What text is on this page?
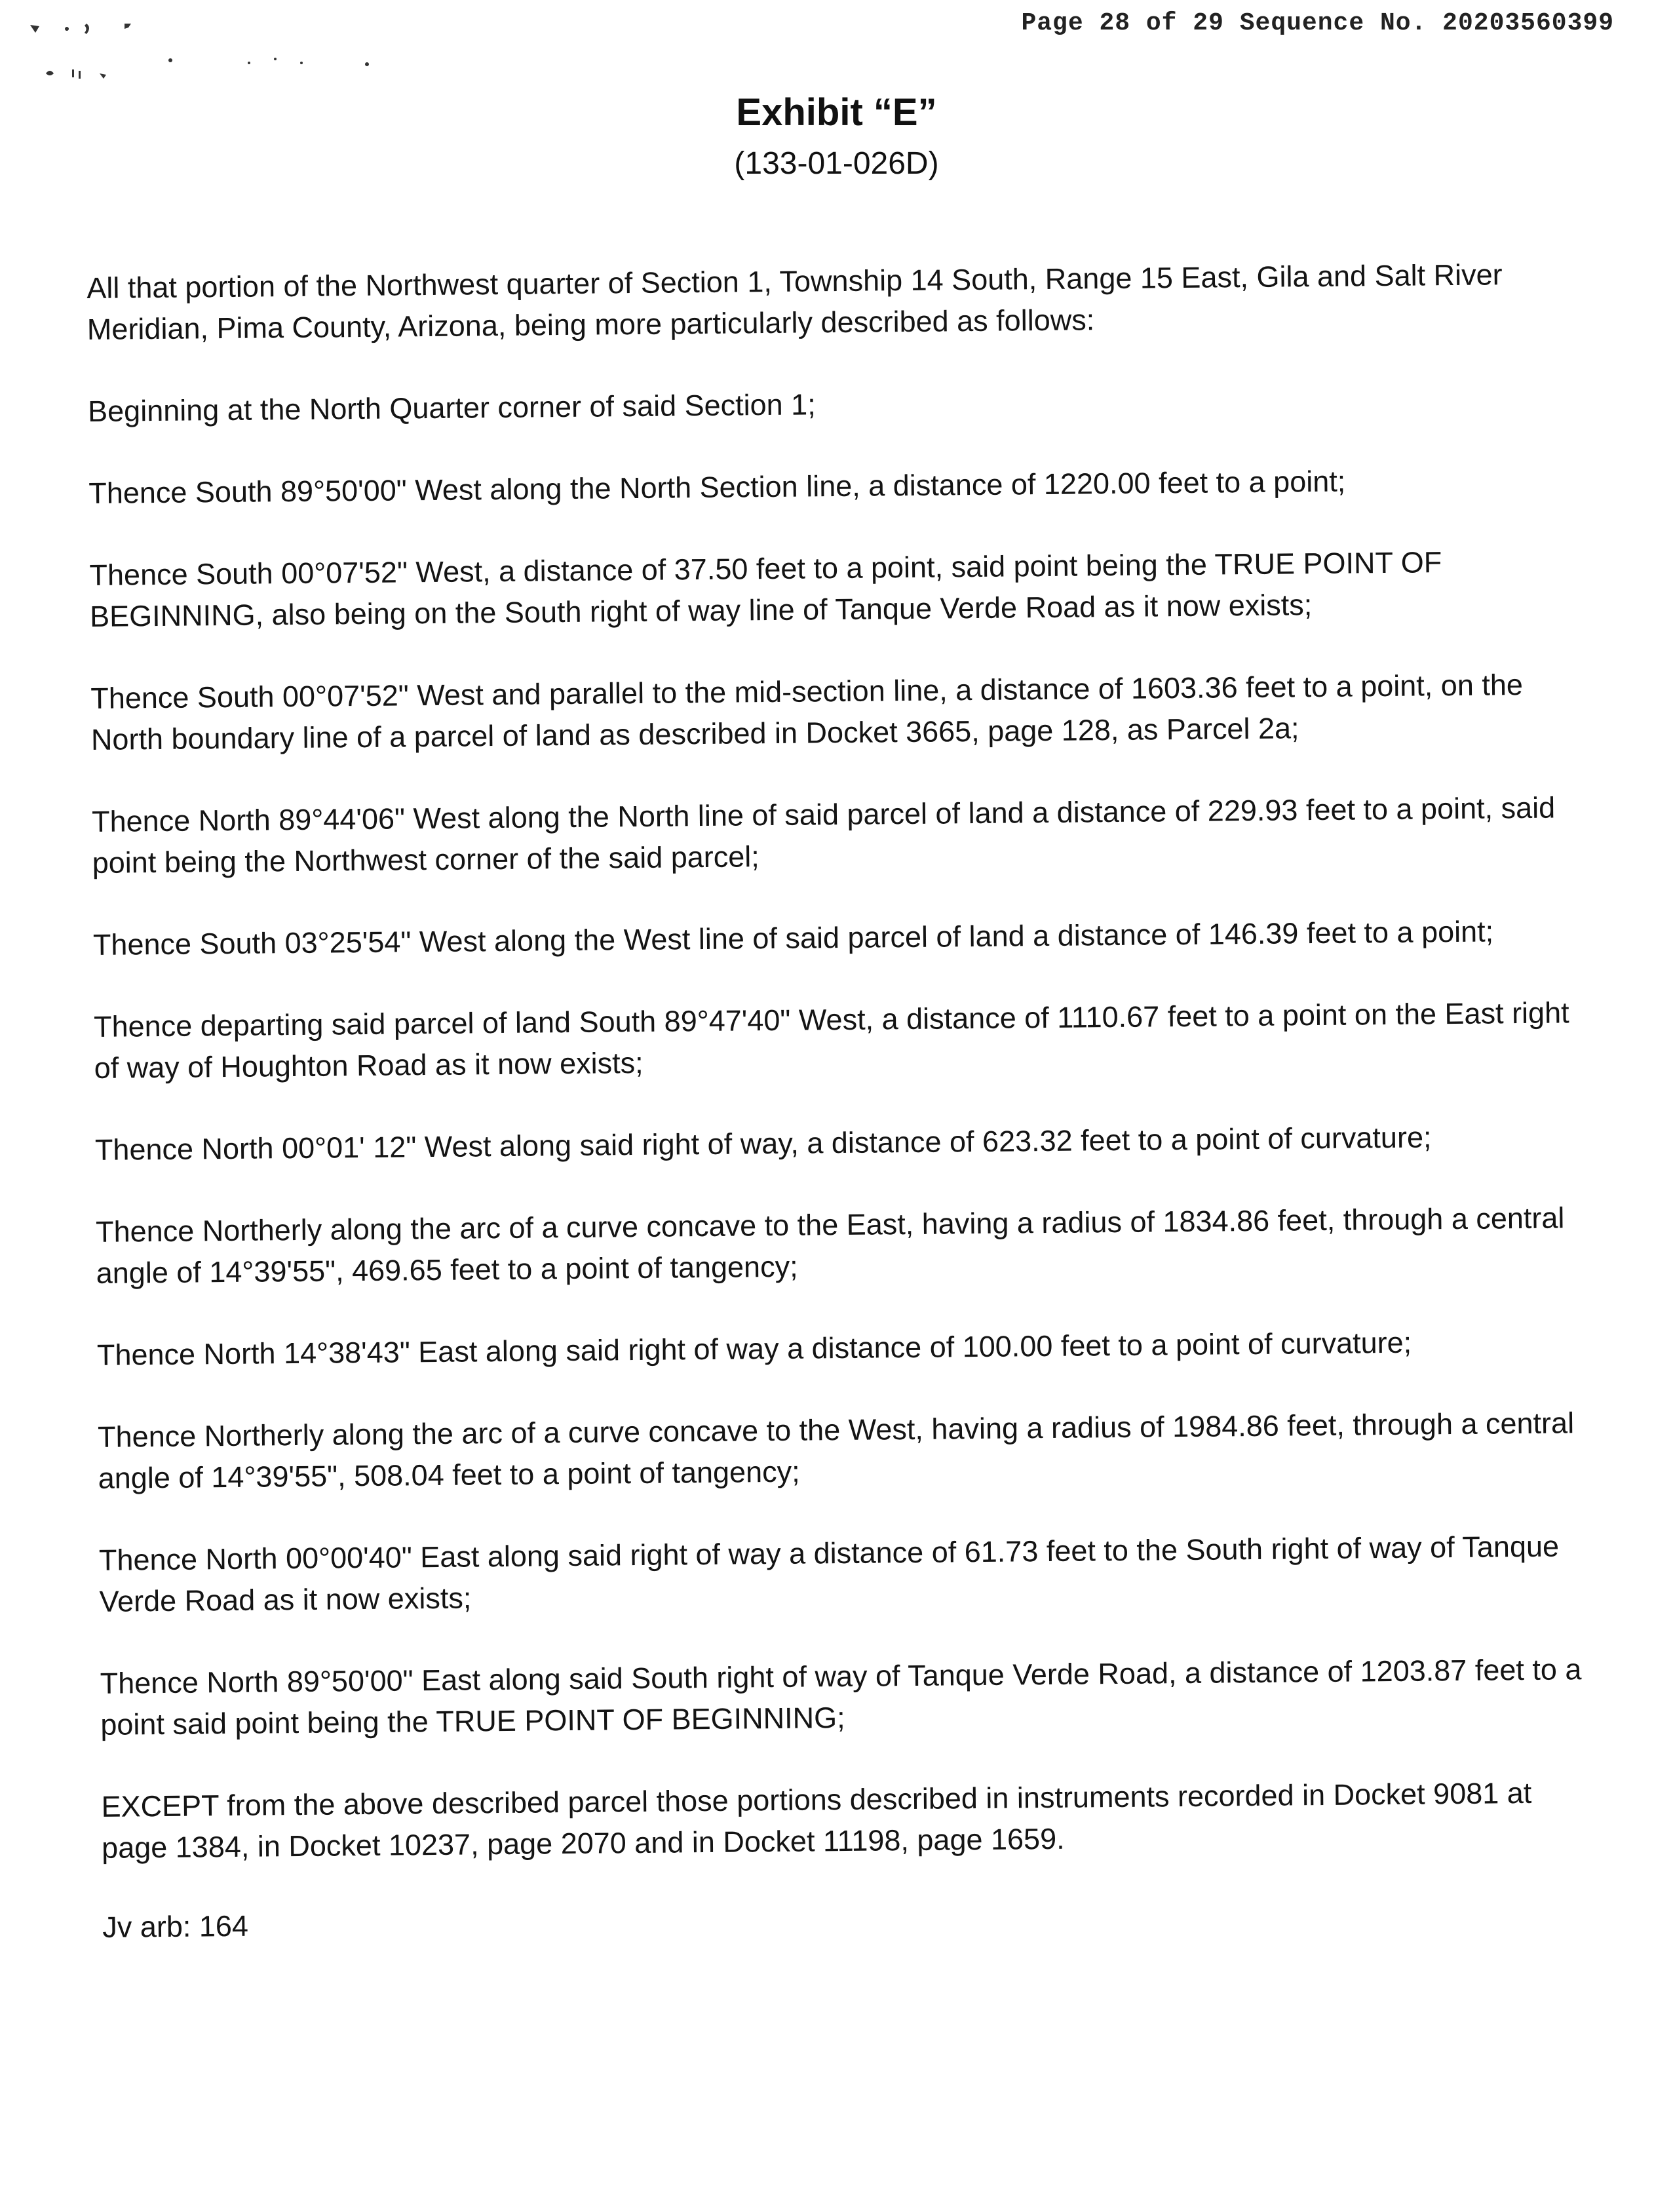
Page 28 of 29 Sequence No. 20203560399
Exhibit “E”
(133-01-026D)

All that portion of the Northwest quarter of Section 1, Township 14 South, Range 15 East, Gila and Salt River Meridian, Pima County, Arizona, being more particularly described as follows:

Beginning at the North Quarter corner of said Section 1;

Thence South 89°50'00" West along the North Section line, a distance of 1220.00 feet to a point;

Thence South 00°07'52" West, a distance of 37.50 feet to a point, said point being the TRUE POINT OF BEGINNING, also being on the South right of way line of Tanque Verde Road as it now exists;

Thence South 00°07'52" West and parallel to the mid-section line, a distance of 1603.36 feet to a point, on the North boundary line of a parcel of land as described in Docket 3665, page 128, as Parcel 2a;

Thence North 89°44'06" West along the North line of said parcel of land a distance of 229.93 feet to a point, said point being the Northwest corner of the said parcel;

Thence South 03°25'54" West along the West line of said parcel of land a distance of 146.39 feet to a point;

Thence departing said parcel of land South 89°47'40" West, a distance of 1110.67 feet to a point on the East right of way of Houghton Road as it now exists;

Thence North 00°01' 12" West along said right of way, a distance of 623.32 feet to a point of curvature;

Thence Northerly along the arc of a curve concave to the East, having a radius of 1834.86 feet, through a central angle of 14°39'55", 469.65 feet to a point of tangency;

Thence North 14°38'43" East along said right of way a distance of 100.00 feet to a point of curvature;

Thence Northerly along the arc of a curve concave to the West, having a radius of 1984.86 feet, through a central angle of 14°39'55", 508.04 feet to a point of tangency;

Thence North 00°00'40" East along said right of way a distance of 61.73 feet to the South right of way of Tanque Verde Road as it now exists;

Thence North 89°50'00" East along said South right of way of Tanque Verde Road, a distance of 1203.87 feet to a point said point being the TRUE POINT OF BEGINNING;

EXCEPT from the above described parcel those portions described in instruments recorded in Docket 9081 at page 1384, in Docket 10237, page 2070 and in Docket 11198, page 1659.

Jv arb: 164
